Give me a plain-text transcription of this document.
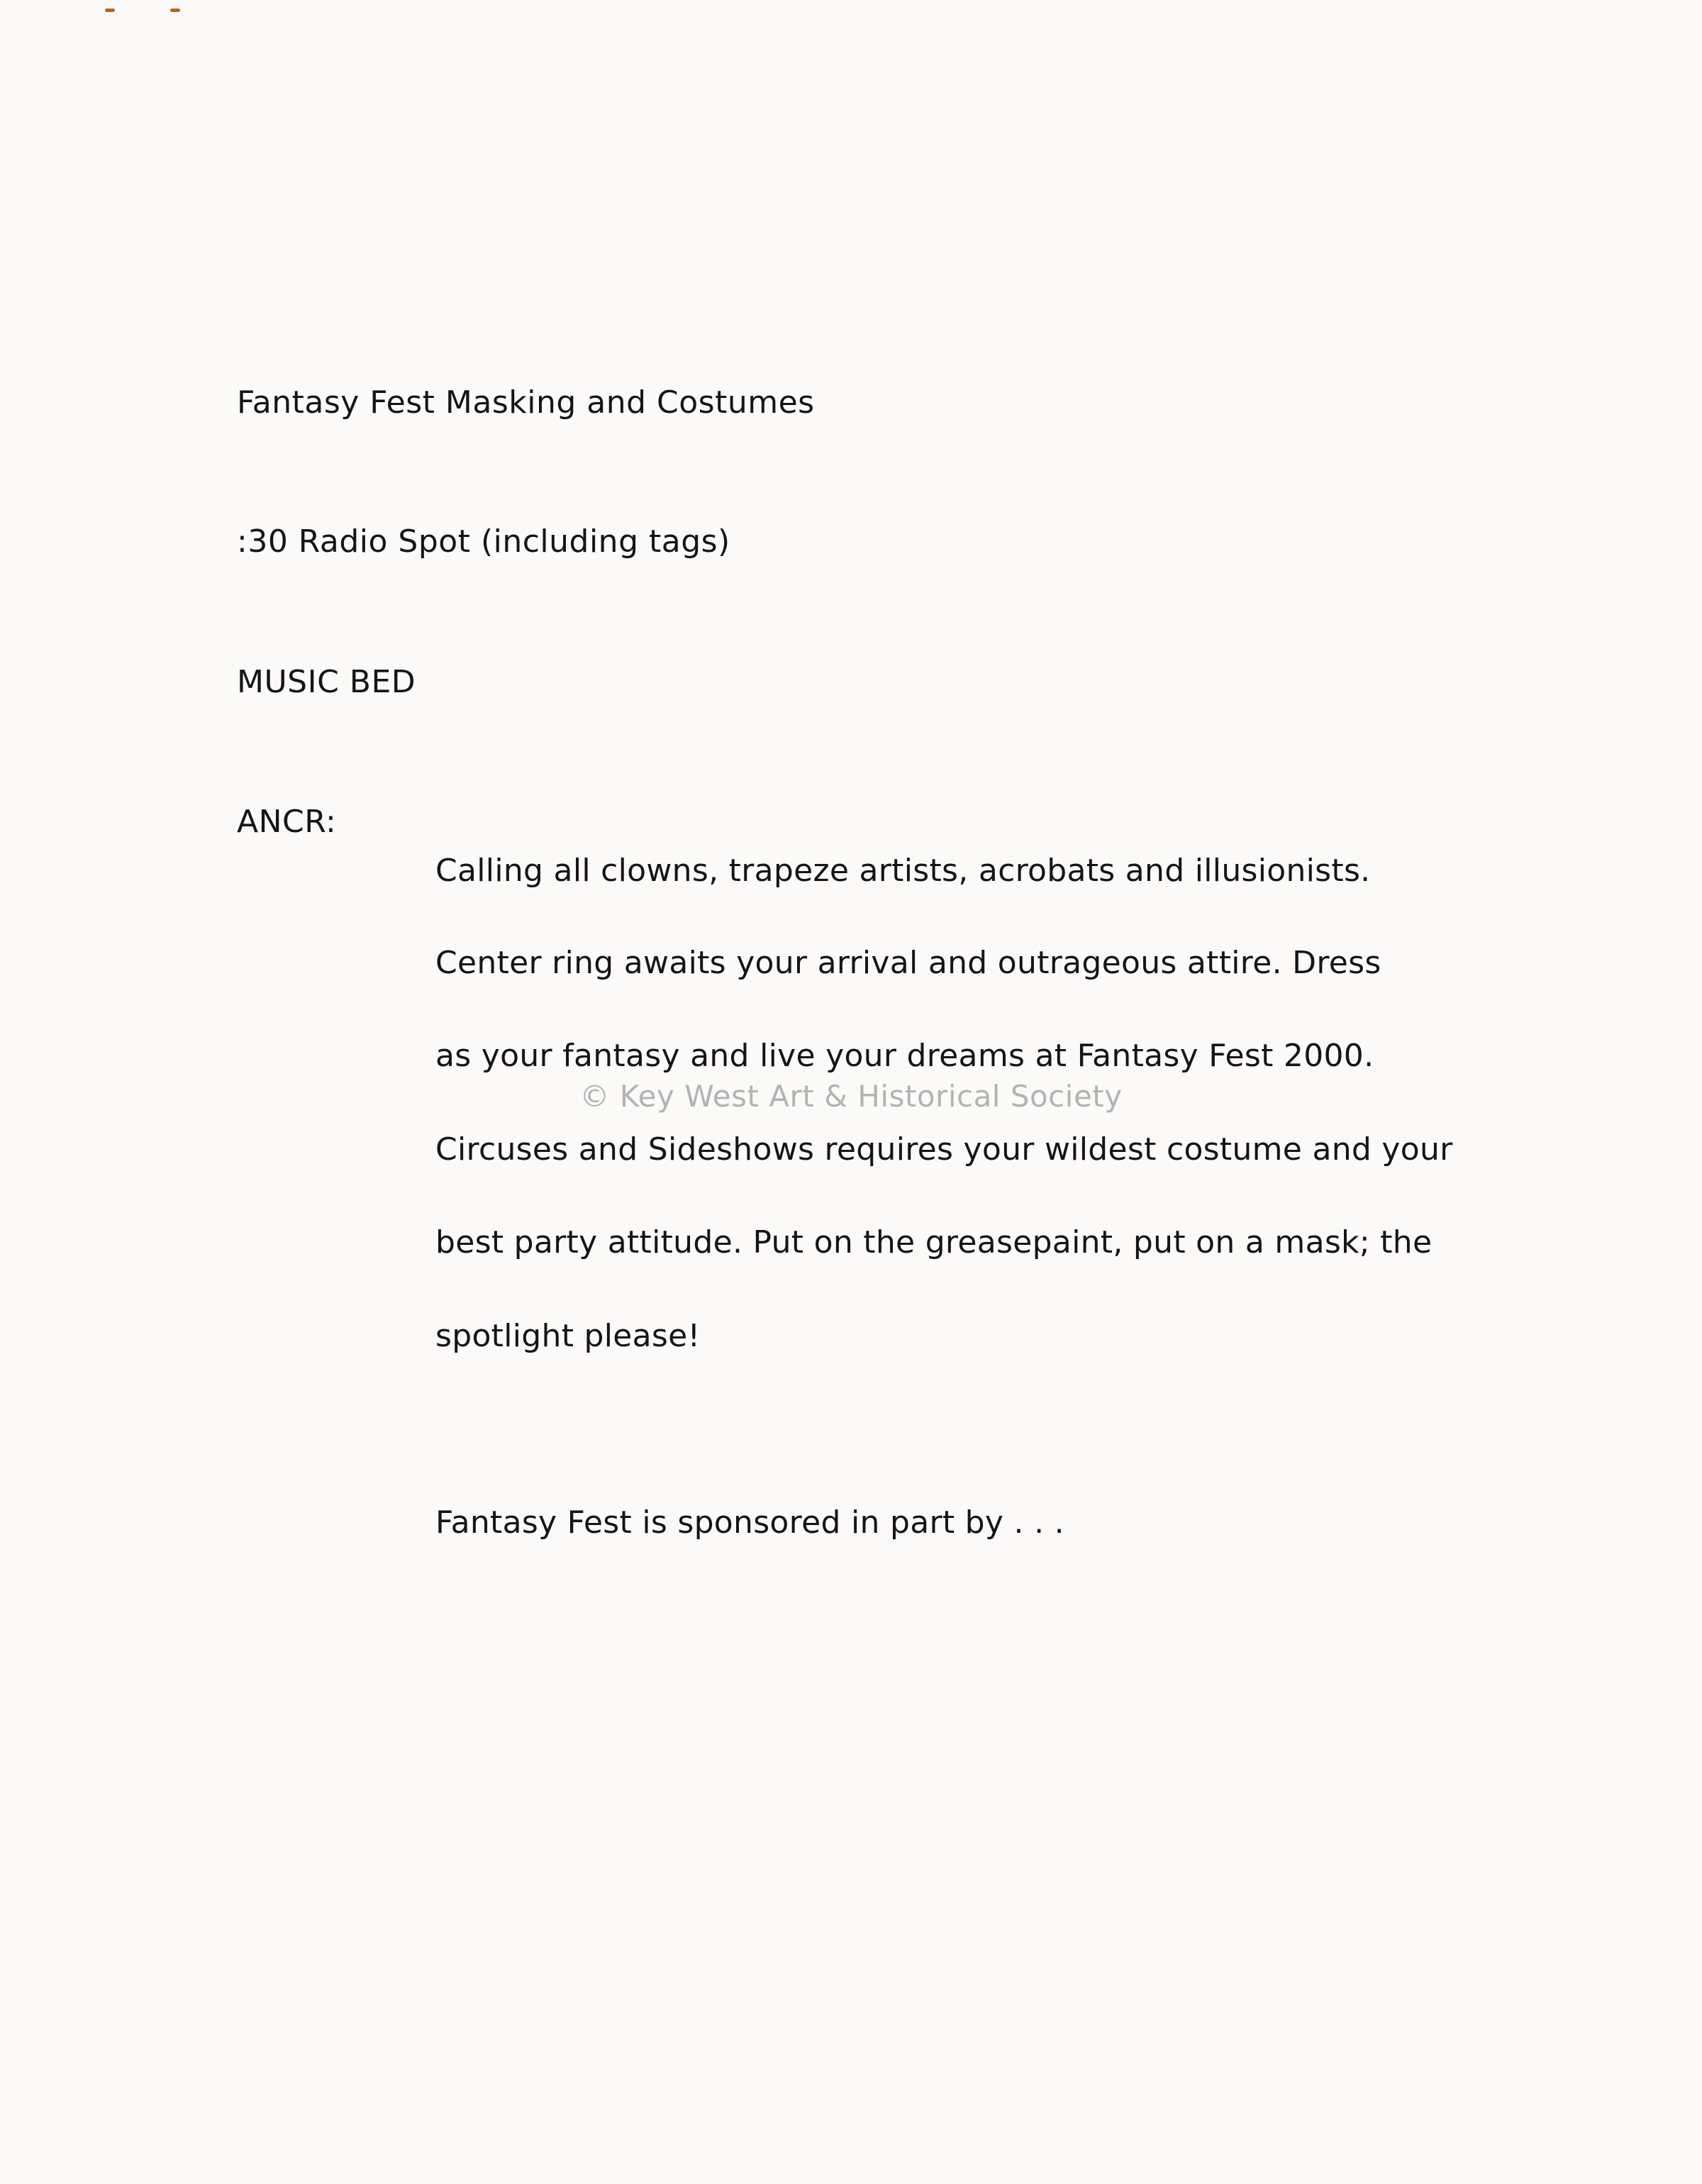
Fantasy Fest Masking and Costumes
:30 Radio Spot (including tags)
MUSIC BED
ANCR:
Calling all clowns, trapeze artists, acrobats and illusionists.
Center ring awaits your arrival and outrageous attire. Dress
as your fantasy and live your dreams at Fantasy Fest 2000.
Circuses and Sideshows requires your wildest costume and your
best party attitude. Put on the greasepaint, put on a mask; the
spotlight please!
Fantasy Fest is sponsored in part by . . .
© Key West Art & Historical Society
